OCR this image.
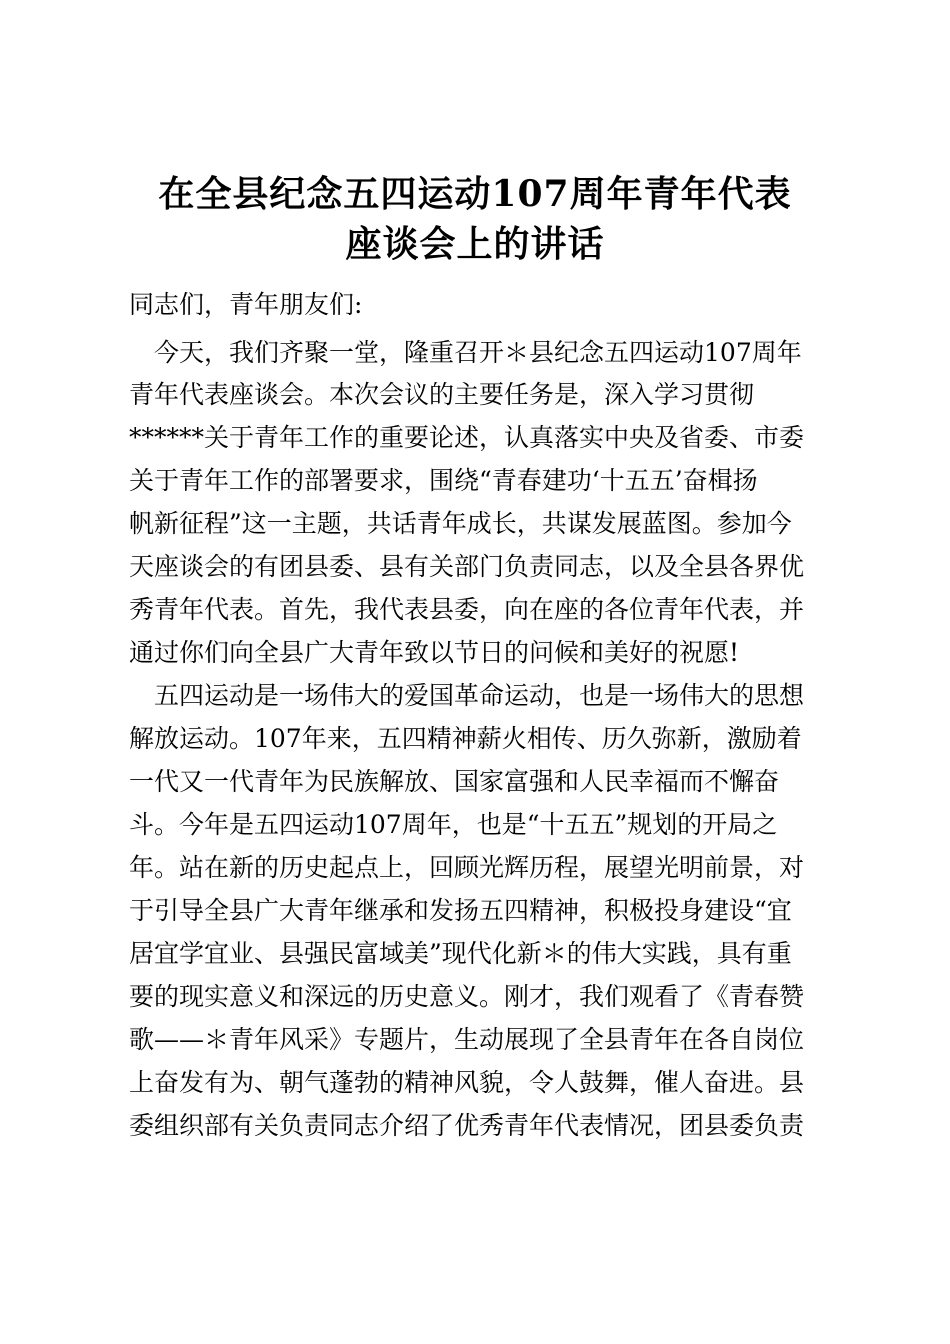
在全县纪念五四运动107周年青年代表
座谈会上的讲话
同志们，青年朋友们:
　今天，我们齐聚一堂，隆重召开＊县纪念五四运动107周年
青年代表座谈会。本次会议的主要任务是，深入学习贯彻
******关于青年工作的重要论述，认真落实中央及省委、市委
关于青年工作的部署要求，围绕“青春建功‘十五五’奋楫扬
帆新征程”这一主题，共话青年成长，共谋发展蓝图。参加今
天座谈会的有团县委、县有关部门负责同志，以及全县各界优
秀青年代表。首先，我代表县委，向在座的各位青年代表，并
通过你们向全县广大青年致以节日的问候和美好的祝愿!
　五四运动是一场伟大的爱国革命运动，也是一场伟大的思想
解放运动。107年来，五四精神薪火相传、历久弥新，激励着
一代又一代青年为民族解放、国家富强和人民幸福而不懈奋
斗。今年是五四运动107周年，也是“十五五”规划的开局之
年。站在新的历史起点上，回顾光辉历程，展望光明前景，对
于引导全县广大青年继承和发扬五四精神，积极投身建设“宜
居宜学宜业、县强民富域美”现代化新＊的伟大实践，具有重
要的现实意义和深远的历史意义。刚才，我们观看了《青春赞
歌——＊青年风采》专题片，生动展现了全县青年在各自岗位
上奋发有为、朝气蓬勃的精神风貌，令人鼓舞，催人奋进。县
委组织部有关负责同志介绍了优秀青年代表情况，团县委负责
